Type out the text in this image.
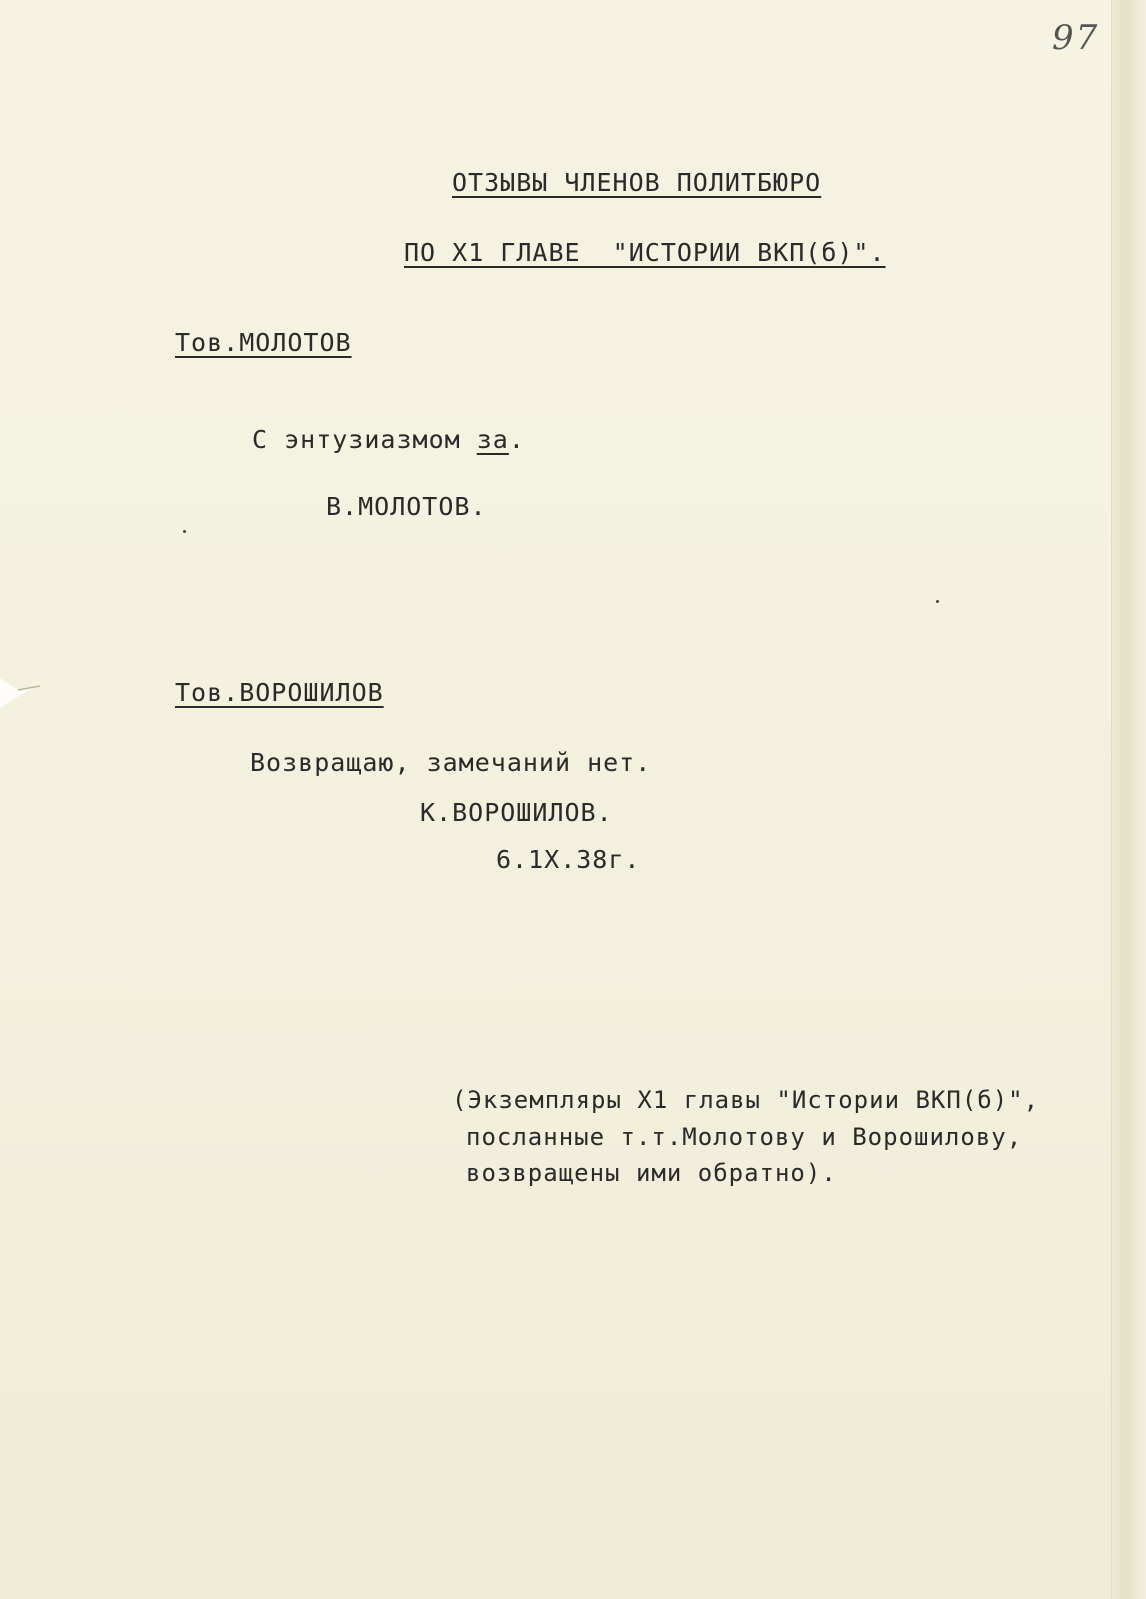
97
ОТЗЫВЫ ЧЛЕНОВ ПОЛИТБЮРО
ПО Х1 ГЛАВЕ  "ИСТОРИИ ВКП(б)".
Тов.МОЛОТОВ
С энтузиазмом за.
В.МОЛОТОВ.
Тов.ВОРОШИЛОВ
Возвращаю, замечаний нет.
К.ВОРОШИЛОВ.
6.1Х.38г.
(Экземпляры Х1 главы "Истории ВКП(б)",
посланные т.т.Молотову и Ворошилову,
возвращены ими обратно).
